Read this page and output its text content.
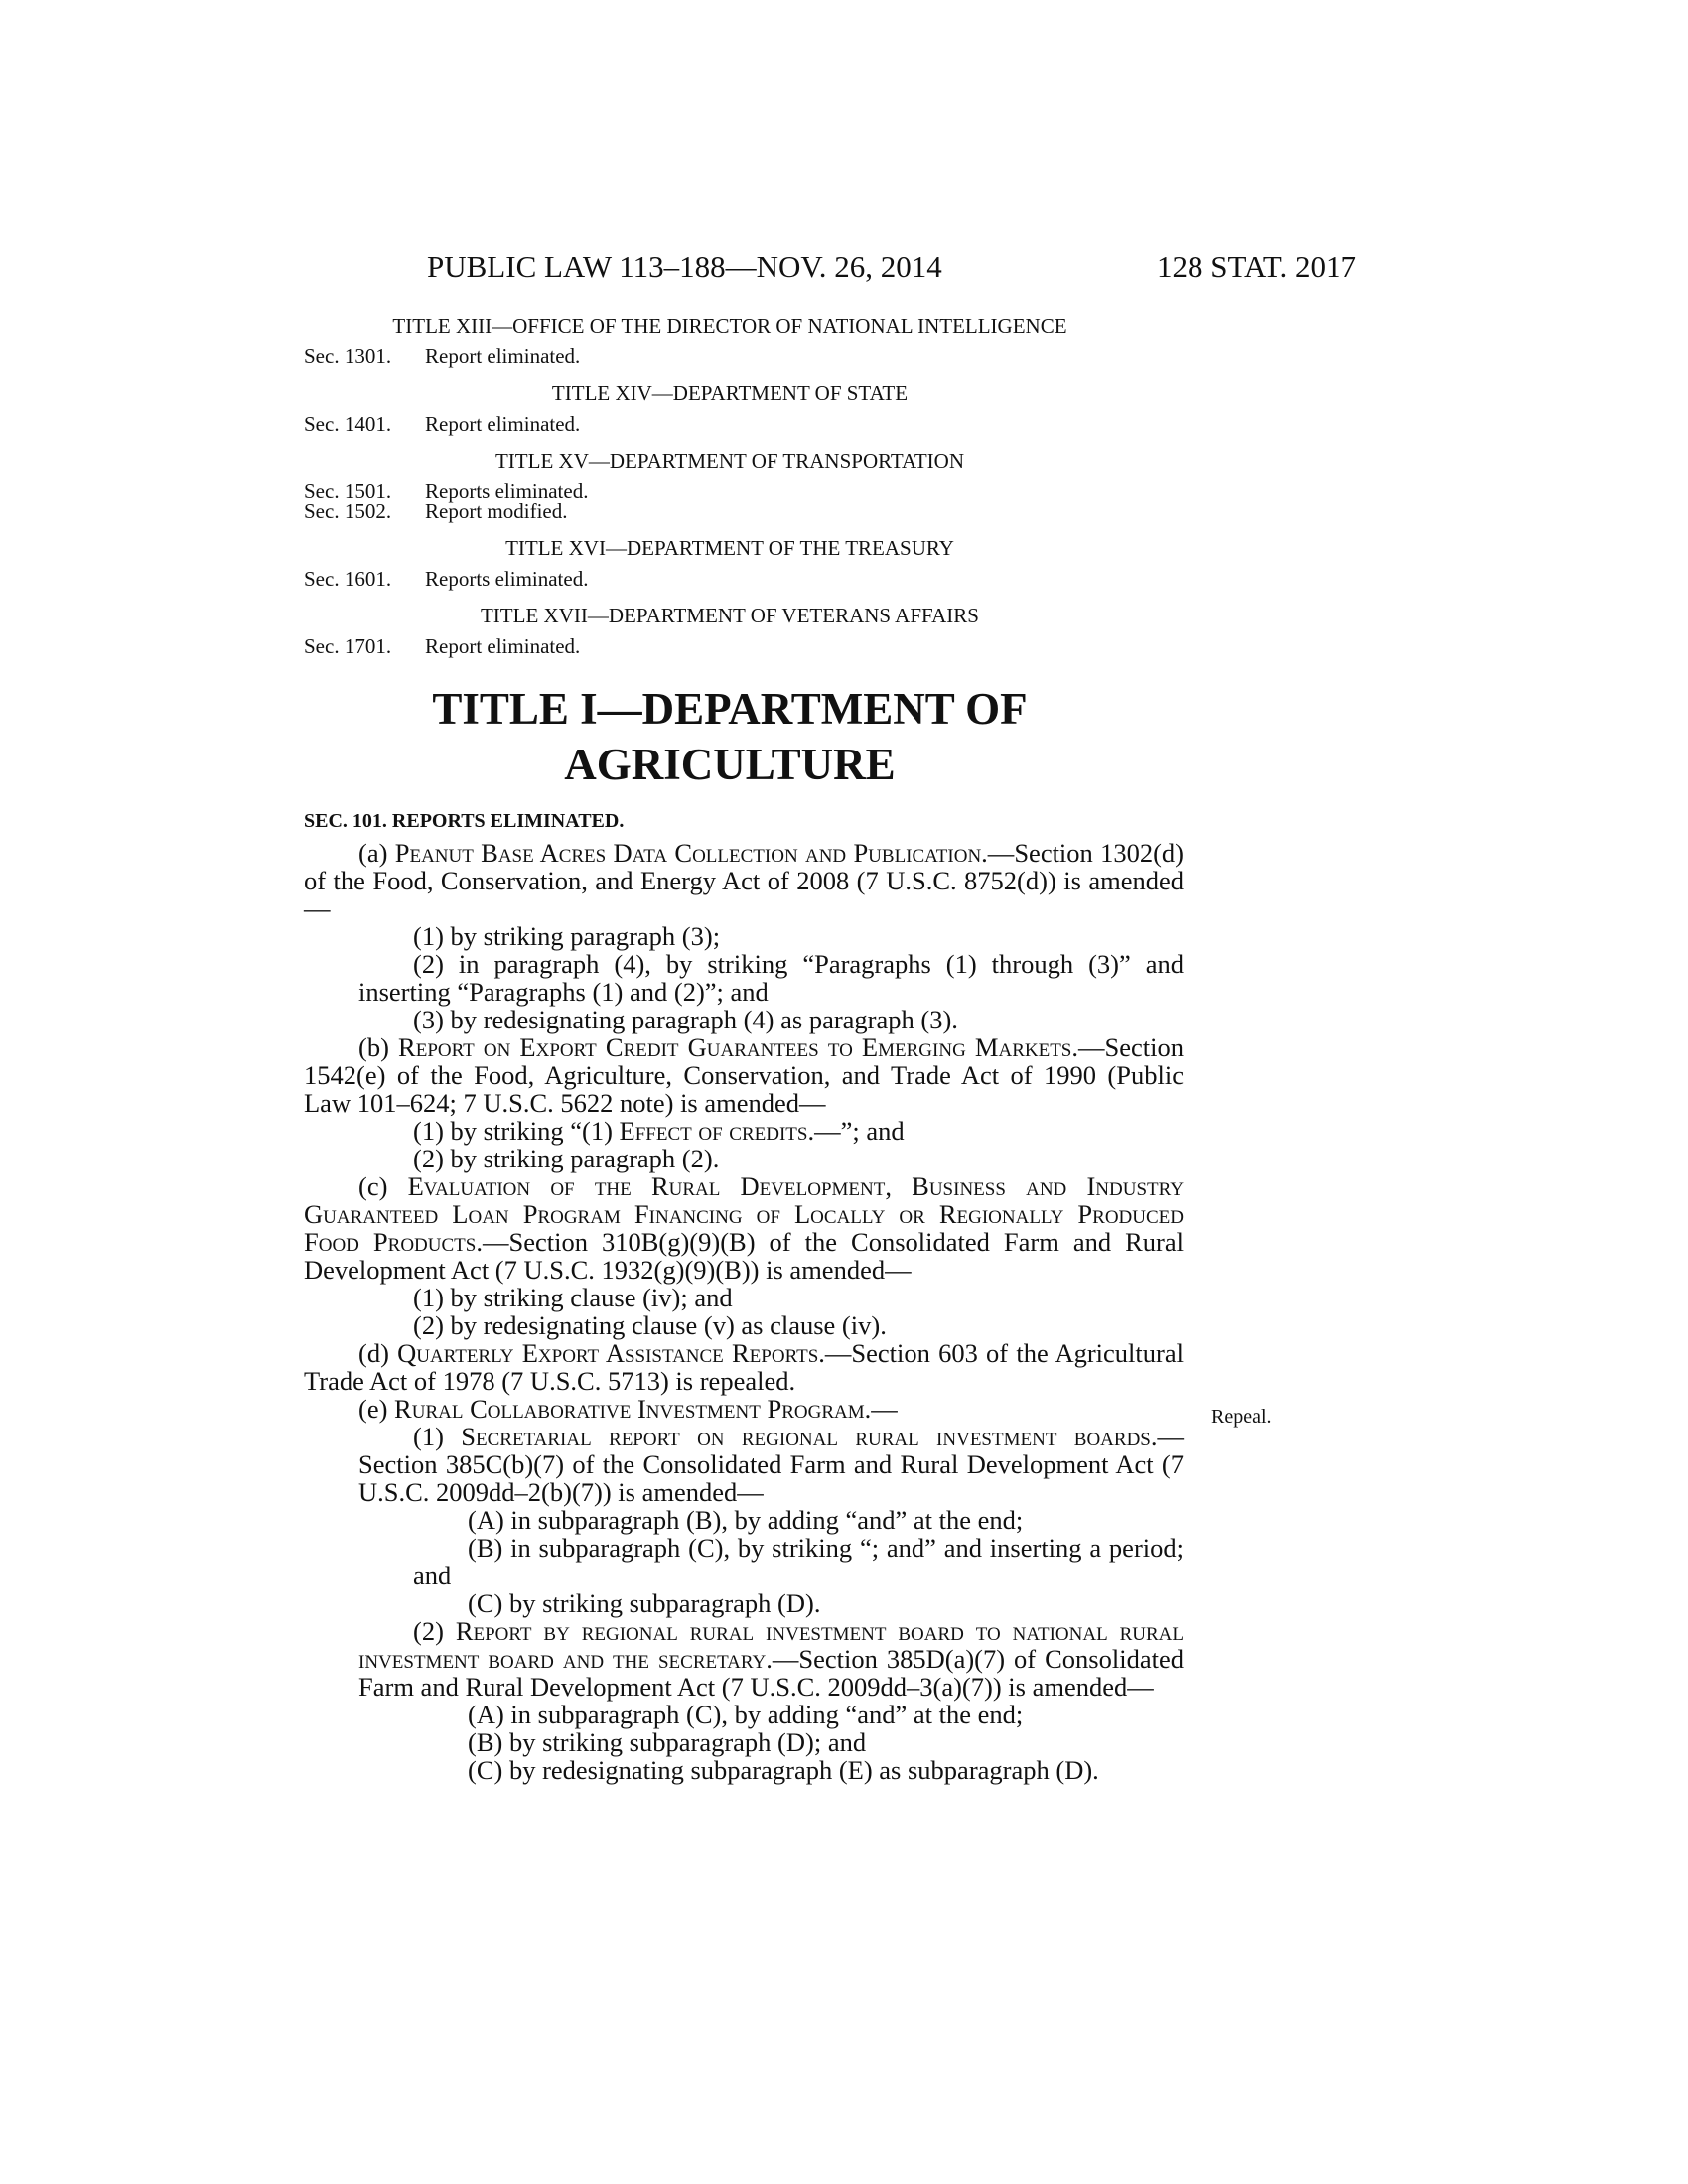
PUBLIC LAW 113–188—NOV. 26, 2014	128 STAT. 2017
TITLE XIII—OFFICE OF THE DIRECTOR OF NATIONAL INTELLIGENCE
Sec. 1301. Report eliminated.
TITLE XIV—DEPARTMENT OF STATE
Sec. 1401. Report eliminated.
TITLE XV—DEPARTMENT OF TRANSPORTATION
Sec. 1501. Reports eliminated.
Sec. 1502. Report modified.
TITLE XVI—DEPARTMENT OF THE TREASURY
Sec. 1601. Reports eliminated.
TITLE XVII—DEPARTMENT OF VETERANS AFFAIRS
Sec. 1701. Report eliminated.
TITLE I—DEPARTMENT OF
AGRICULTURE
SEC. 101. REPORTS ELIMINATED.

(a) Peanut Base Acres Data Collection and Publication.—Section 1302(d) of the Food, Conservation, and Energy Act of 2008 (7 U.S.C. 8752(d)) is amended—

(1) by striking paragraph (3);

(2) in paragraph (4), by striking “Paragraphs (1) through (3)” and inserting “Paragraphs (1) and (2)”; and

(3) by redesignating paragraph (4) as paragraph (3).

(b) Report on Export Credit Guarantees to Emerging Markets.—Section 1542(e) of the Food, Agriculture, Conservation, and Trade Act of 1990 (Public Law 101–624; 7 U.S.C. 5622 note) is amended—

(1) by striking “(1) Effect of credits.—”; and

(2) by striking paragraph (2).

(c) Evaluation of the Rural Development, Business and Industry Guaranteed Loan Program Financing of Locally or Regionally Produced Food Products.—Section 310B(g)(9)(B) of the Consolidated Farm and Rural Development Act (7 U.S.C. 1932(g)(9)(B)) is amended—

(1) by striking clause (iv); and

(2) by redesignating clause (v) as clause (iv).

(d) Quarterly Export Assistance Reports.—Section 603 of the Agricultural Trade Act of 1978 (7 U.S.C. 5713) is repealed.

(e) Rural Collaborative Investment Program.—

(1) Secretarial report on regional rural investment boards.—Section 385C(b)(7) of the Consolidated Farm and Rural Development Act (7 U.S.C. 2009dd–2(b)(7)) is amended—

(A) in subparagraph (B), by adding “and” at the end;

(B) in subparagraph (C), by striking “; and” and inserting a period; and

(C) by striking subparagraph (D).

(2) Report by regional rural investment board to national rural investment board and the secretary.—Section 385D(a)(7) of Consolidated Farm and Rural Development Act (7 U.S.C. 2009dd–3(a)(7)) is amended—

(A) in subparagraph (C), by adding “and” at the end;

(B) by striking subparagraph (D); and

(C) by redesignating subparagraph (E) as subparagraph (D).

Repeal.
